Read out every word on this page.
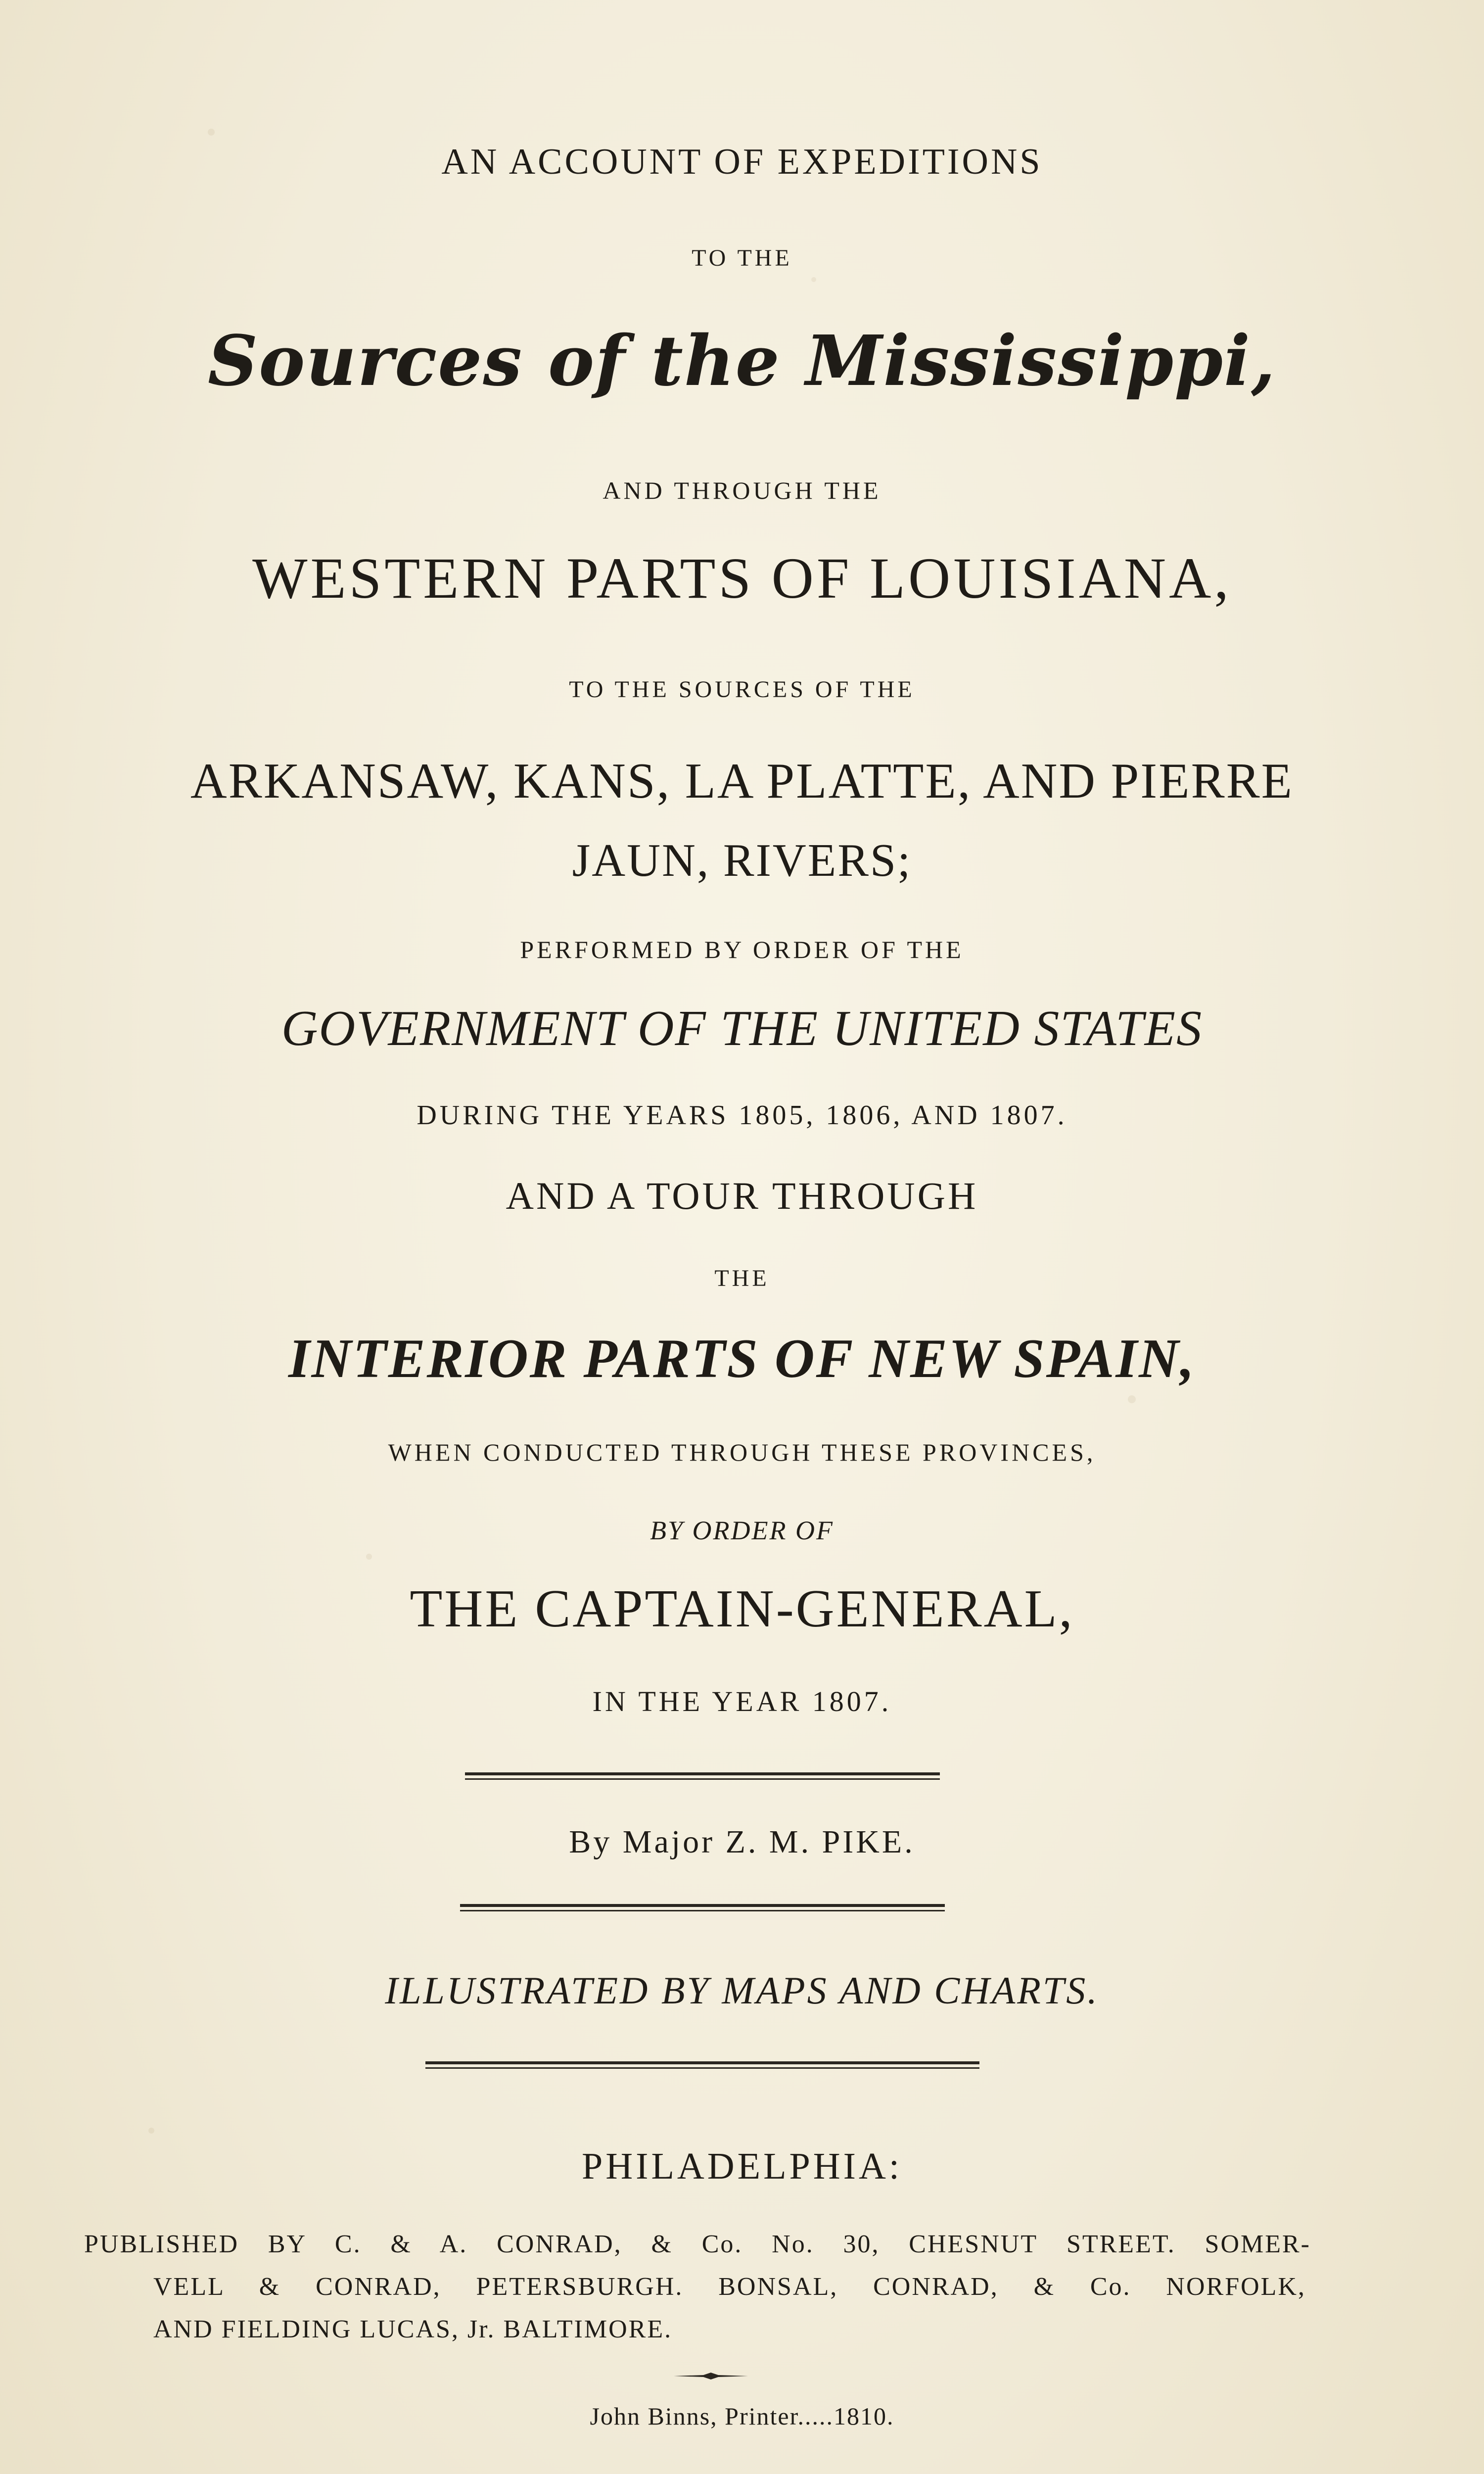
AN ACCOUNT OF EXPEDITIONS
TO THE
Sources of the Mississippi,
AND THROUGH THE
WESTERN PARTS OF LOUISIANA,
TO THE SOURCES OF THE
ARKANSAW, KANS, LA PLATTE, AND PIERRE
JAUN, RIVERS;
PERFORMED BY ORDER OF THE
GOVERNMENT OF THE UNITED STATES
DURING THE YEARS 1805, 1806, AND 1807.
AND A TOUR THROUGH
THE
INTERIOR PARTS OF NEW SPAIN,
WHEN CONDUCTED THROUGH THESE PROVINCES,
BY ORDER OF
THE CAPTAIN-GENERAL,
IN THE YEAR 1807.
By Major Z. M. PIKE.
ILLUSTRATED BY MAPS AND CHARTS.
PHILADELPHIA:
PUBLISHED BY C. & A. CONRAD, & Co. No. 30, CHESNUT STREET. SOMER-
VELL & CONRAD, PETERSBURGH. BONSAL, CONRAD, & Co. NORFOLK,
AND FIELDING LUCAS, Jr. BALTIMORE.
John Binns, Printer.....1810.
